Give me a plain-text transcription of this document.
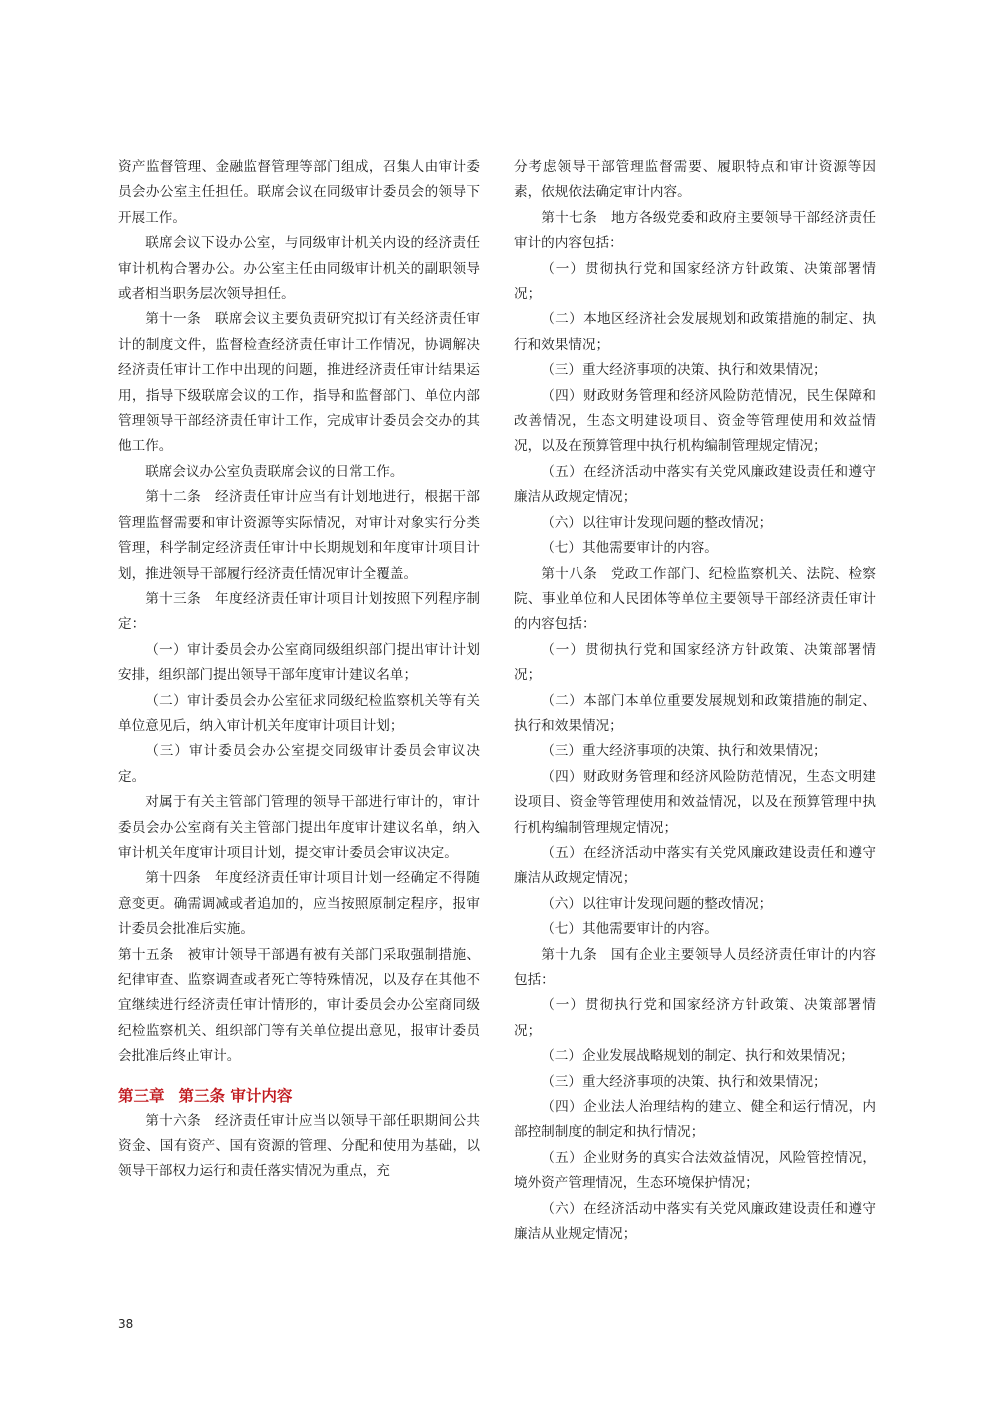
资产监督管理、金融监督管理等部门组成，召集人由审计委员会办公室主任担任。联席会议在同级审计委员会的领导下开展工作。

联席会议下设办公室，与同级审计机关内设的经济责任审计机构合署办公。办公室主任由同级审计机关的副职领导或者相当职务层次领导担任。

第十一条　联席会议主要负责研究拟订有关经济责任审计的制度文件，监督检查经济责任审计工作情况，协调解决经济责任审计工作中出现的问题，推进经济责任审计结果运用，指导下级联席会议的工作，指导和监督部门、单位内部管理领导干部经济责任审计工作，完成审计委员会交办的其他工作。

联席会议办公室负责联席会议的日常工作。

第十二条　经济责任审计应当有计划地进行，根据干部管理监督需要和审计资源等实际情况，对审计对象实行分类管理，科学制定经济责任审计中长期规划和年度审计项目计划，推进领导干部履行经济责任情况审计全覆盖。

第十三条　年度经济责任审计项目计划按照下列程序制定：

（一）审计委员会办公室商同级组织部门提出审计计划安排，组织部门提出领导干部年度审计建议名单；

（二）审计委员会办公室征求同级纪检监察机关等有关单位意见后，纳入审计机关年度审计项目计划；

（三）审计委员会办公室提交同级审计委员会审议决定。

对属于有关主管部门管理的领导干部进行审计的，审计委员会办公室商有关主管部门提出年度审计建议名单，纳入审计机关年度审计项目计划，提交审计委员会审议决定。

第十四条　年度经济责任审计项目计划一经确定不得随意变更。确需调减或者追加的，应当按照原制定程序，报审计委员会批准后实施。

第十五条　被审计领导干部遇有被有关部门采取强制措施、纪律审查、监察调查或者死亡等特殊情况，以及存在其他不宜继续进行经济责任审计情形的，审计委员会办公室商同级纪检监察机关、组织部门等有关单位提出意见，报审计委员会批准后终止审计。

第三章 第三条 审计内容

第十六条　经济责任审计应当以领导干部任职期间公共资金、国有资产、国有资源的管理、分配和使用为基础，以领导干部权力运行和责任落实情况为重点，充

分考虑领导干部管理监督需要、履职特点和审计资源等因素，依规依法确定审计内容。

第十七条　地方各级党委和政府主要领导干部经济责任审计的内容包括：

（一）贯彻执行党和国家经济方针政策、决策部署情况；

（二）本地区经济社会发展规划和政策措施的制定、执行和效果情况；

（三）重大经济事项的决策、执行和效果情况；

（四）财政财务管理和经济风险防范情况，民生保障和改善情况，生态文明建设项目、资金等管理使用和效益情况，以及在预算管理中执行机构编制管理规定情况；

（五）在经济活动中落实有关党风廉政建设责任和遵守廉洁从政规定情况；

（六）以往审计发现问题的整改情况；

（七）其他需要审计的内容。

第十八条　党政工作部门、纪检监察机关、法院、检察院、事业单位和人民团体等单位主要领导干部经济责任审计的内容包括：

（一）贯彻执行党和国家经济方针政策、决策部署情况；

（二）本部门本单位重要发展规划和政策措施的制定、执行和效果情况；

（三）重大经济事项的决策、执行和效果情况；

（四）财政财务管理和经济风险防范情况，生态文明建设项目、资金等管理使用和效益情况，以及在预算管理中执行机构编制管理规定情况；

（五）在经济活动中落实有关党风廉政建设责任和遵守廉洁从政规定情况；

（六）以往审计发现问题的整改情况；

（七）其他需要审计的内容。

第十九条　国有企业主要领导人员经济责任审计的内容包括：

（一）贯彻执行党和国家经济方针政策、决策部署情况；

（二）企业发展战略规划的制定、执行和效果情况；

（三）重大经济事项的决策、执行和效果情况；

（四）企业法人治理结构的建立、健全和运行情况，内部控制制度的制定和执行情况；

（五）企业财务的真实合法效益情况，风险管控情况，境外资产管理情况，生态环境保护情况；

（六）在经济活动中落实有关党风廉政建设责任和遵守廉洁从业规定情况；

38
